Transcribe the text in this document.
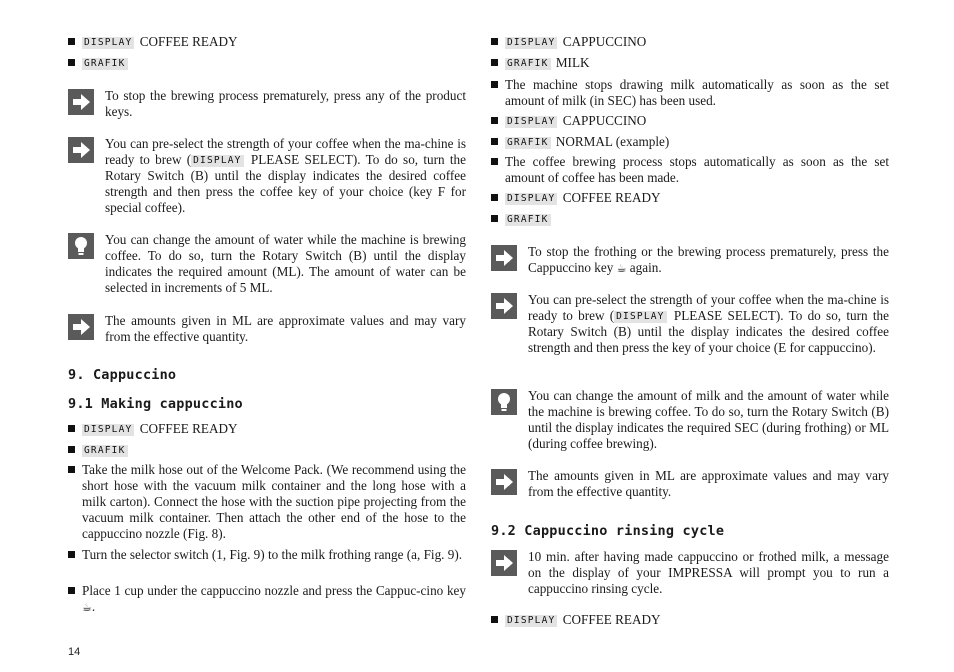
DISPLAY COFFEE READY
GRAFIK
To stop the brewing process prematurely, press any of the product keys.
You can pre-select the strength of your coffee when the ma-chine is ready to brew ( DISPLAY PLEASE SELECT). To do so, turn the Rotary Switch (B) until the display indicates the desired coffee strength and then press the coffee key of your choice (key F for special coffee).
You can change the amount of water while the machine is brewing coffee. To do so, turn the Rotary Switch (B) until the display indicates the required amount (ML). The amount of water can be selected in increments of 5 ML.
The amounts given in ML are approximate values and may vary from the effective quantity.
9. Cappuccino
9.1 Making cappuccino
DISPLAY COFFEE READY
GRAFIK
Take the milk hose out of the Welcome Pack. (We recommend using the short hose with the vacuum milk container and the long hose with a milk carton). Connect the hose with the suction pipe projecting from the vacuum milk container. Then attach the other end of the hose to the cappuccino nozzle (Fig. 8).
Turn the selector switch (1, Fig. 9) to the milk frothing range (a, Fig. 9).
Place 1 cup under the cappuccino nozzle and press the Cappuc-cino key ☕.
DISPLAY CAPPUCCINO
GRAFIK MILK
The machine stops drawing milk automatically as soon as the set amount of milk (in SEC) has been used.
DISPLAY CAPPUCCINO
GRAFIK NORMAL (example)
The coffee brewing process stops automatically as soon as the set amount of coffee has been made.
DISPLAY COFFEE READY
GRAFIK
To stop the frothing or the brewing process prematurely, press the Cappuccino key ☕ again.
You can pre-select the strength of your coffee when the ma-chine is ready to brew ( DISPLAY PLEASE SELECT). To do so, turn the Rotary Switch (B) until the display indicates the desired coffee strength and then press the key of your choice (E for cappuccino).
You can change the amount of milk and the amount of water while the machine is brewing coffee. To do so, turn the Rotary Switch (B) until the display indicates the required SEC (during frothing) or ML (during coffee brewing).
The amounts given in ML are approximate values and may vary from the effective quantity.
9.2 Cappuccino rinsing cycle
10 min. after having made cappuccino or frothed milk, a message on the display of your IMPRESSA will prompt you to run a cappuccino rinsing cycle.
DISPLAY COFFEE READY
14
